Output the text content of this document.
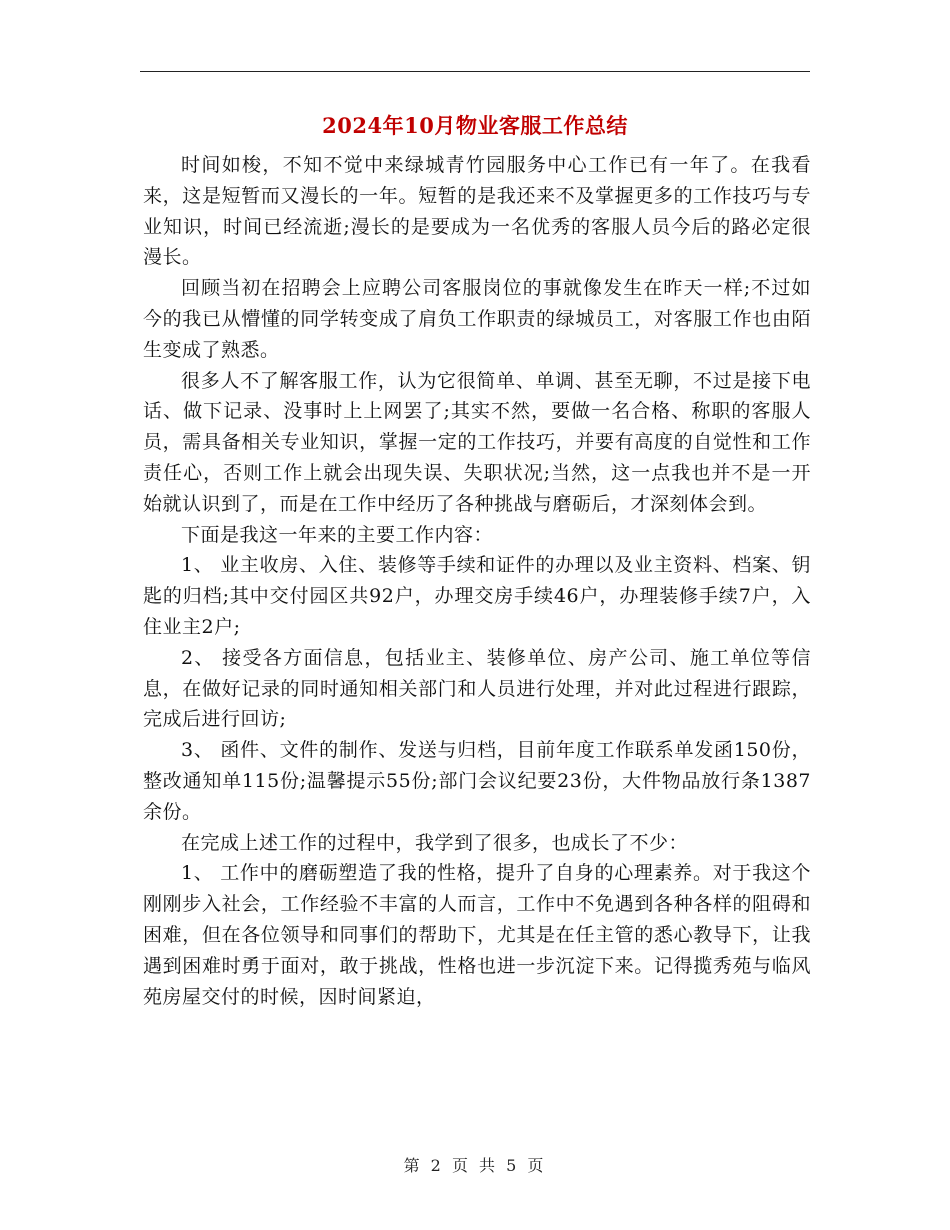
2024年10月物业客服工作总结

时间如梭，不知不觉中来绿城青竹园服务中心工作已有一年了。在我看来，这是短暂而又漫长的一年。短暂的是我还来不及掌握更多的工作技巧与专业知识，时间已经流逝;漫长的是要成为一名优秀的客服人员今后的路必定很漫长。

回顾当初在招聘会上应聘公司客服岗位的事就像发生在昨天一样;不过如今的我已从懵懂的同学转变成了肩负工作职责的绿城员工，对客服工作也由陌生变成了熟悉。

很多人不了解客服工作，认为它很简单、单调、甚至无聊，不过是接下电话、做下记录、没事时上上网罢了;其实不然，要做一名合格、称职的客服人员，需具备相关专业知识，掌握一定的工作技巧，并要有高度的自觉性和工作责任心，否则工作上就会出现失误、失职状况;当然，这一点我也并不是一开始就认识到了，而是在工作中经历了各种挑战与磨砺后，才深刻体会到。

下面是我这一年来的主要工作内容：

1、 业主收房、入住、装修等手续和证件的办理以及业主资料、档案、钥匙的归档;其中交付园区共92户，办理交房手续46户，办理装修手续7户，入住业主2户;

2、 接受各方面信息，包括业主、装修单位、房产公司、施工单位等信息，在做好记录的同时通知相关部门和人员进行处理，并对此过程进行跟踪，完成后进行回访;

3、 函件、文件的制作、发送与归档，目前年度工作联系单发函150份，整改通知单115份;温馨提示55份;部门会议纪要23份，大件物品放行条1387余份。

在完成上述工作的过程中，我学到了很多，也成长了不少：

1、 工作中的磨砺塑造了我的性格，提升了自身的心理素养。对于我这个刚刚步入社会，工作经验不丰富的人而言，工作中不免遇到各种各样的阻碍和困难，但在各位领导和同事们的帮助下，尤其是在任主管的悉心教导下，让我遇到困难时勇于面对，敢于挑战，性格也进一步沉淀下来。记得揽秀苑与临风苑房屋交付的时候，因时间紧迫，

第 2 页 共 5 页
